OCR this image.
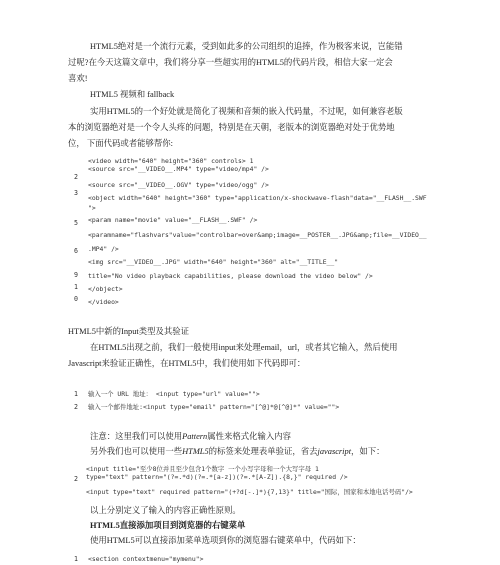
HTML5绝对是一个流行元素，受到如此多的公司组织的追捧，作为极客来说，岂能错
过呢?在今天这篇文章中，我们将分享一些超实用的HTML5的代码片段，相信大家一定会
喜欢!
HTML5 视频和 fallback
实用HTML5的一个好处就是简化了视频和音频的嵌入代码量，不过呢，如何兼容老版
本的浏览器绝对是一个令人头疼的问题，特别是在天朝，老版本的浏览器绝对处于优势地
位， 下面代码或者能够帮你:
<video width="640" height="360" controls> 1
<source src="__VIDEO__.MP4" type="video/mp4" />
2
<source src="__VIDEO__.OGV" type="video/ogg" />
3
<object width="640" height="360" type="application/x-shockwave-flash"data="__FLASH__.SWF
">
5 <param name="movie" value="__FLASH__.SWF" />
<paramname="flashvars"value="controlbar=over&amp;image=__POSTER__.JPG&amp;file=__VIDEO__
6 .MP4" />
<img src="__VIDEO__.JPG" width="640" height="360" alt="__TITLE__"
9 title="No video playback capabilities, please download the video below" />
1 </object>
0 </video>
HTML5中新的Input类型及其验证
在HTML5出现之前，我们一般使用input来处理email，url，或者其它输入，然后使用
Javascript来验证正确性，在HTML5中，我们使用如下代码即可：
1 输入一个 URL 地址： <input type="url" value="">
2 输入一个邮件地址:<input type="email" pattern="[^@]*@[^@]*" value="">
注意：这里我们可以使用Pattern属性来格式化输入内容
另外我们也可以使用一些HTML5的标签来处理表单验证，省去javascript，如下：
<input title="至少8位并且至少包含1个数字 一个小写字母和一个大写字母 1
2 type="text" pattern="(?=.*d)(?=.*[a-z])(?=.*[A-Z]).{8,}" required />
<input type="text" required pattern="(+?d[-.]*){7,13}" title="国际，国家和本地电话号码"/>
以上分别定义了输入的内容正确性原则。
HTML5直接添加项目到浏览器的右键菜单
使用HTML5可以直接添加菜单选项到你的浏览器右键菜单中，代码如下：
1 <section contextmenu="mymenu">
